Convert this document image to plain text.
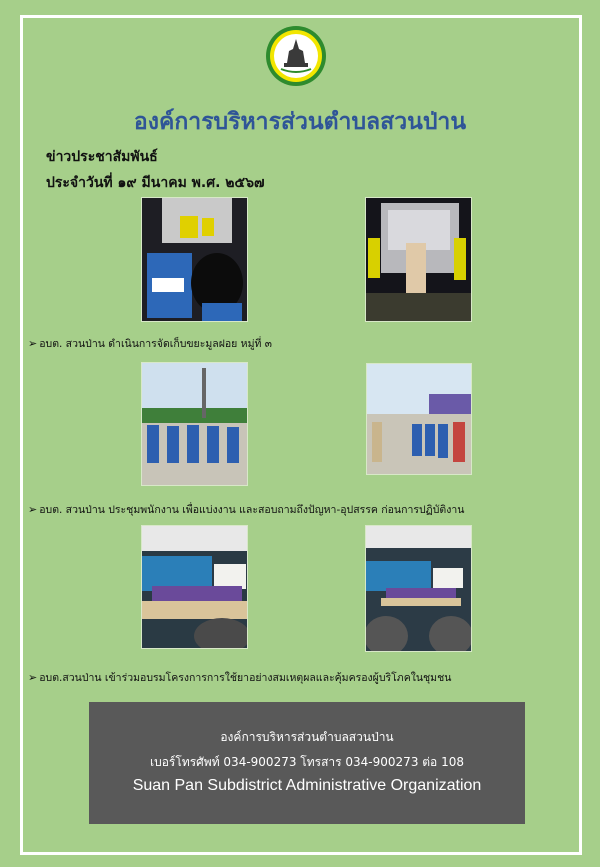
องค์การบริหารส่วนตำบลสวนป่าน
ข่าวประชาสัมพันธ์
ประจำวันที่ ๑๙ มีนาคม พ.ศ. ๒๕๖๗
➢ อบต. สวนป่าน ดำเนินการจัดเก็บขยะมูลฝอย หมู่ที่ ๓
➢ อบต. สวนป่าน ประชุมพนักงาน เพื่อแบ่งงาน และสอบถามถึงปัญหา-อุปสรรค ก่อนการปฏิบัติงาน
➢ อบต.สวนป่าน เข้าร่วมอบรมโครงการการใช้ยาอย่างสมเหตุผลและคุ้มครองผู้บริโภคในชุมชน
องค์การบริหารส่วนตำบลสวนป่าน
เบอร์โทรศัพท์ 034-900273 โทรสาร 034-900273 ต่อ 108
Suan Pan Subdistrict Administrative Organization
